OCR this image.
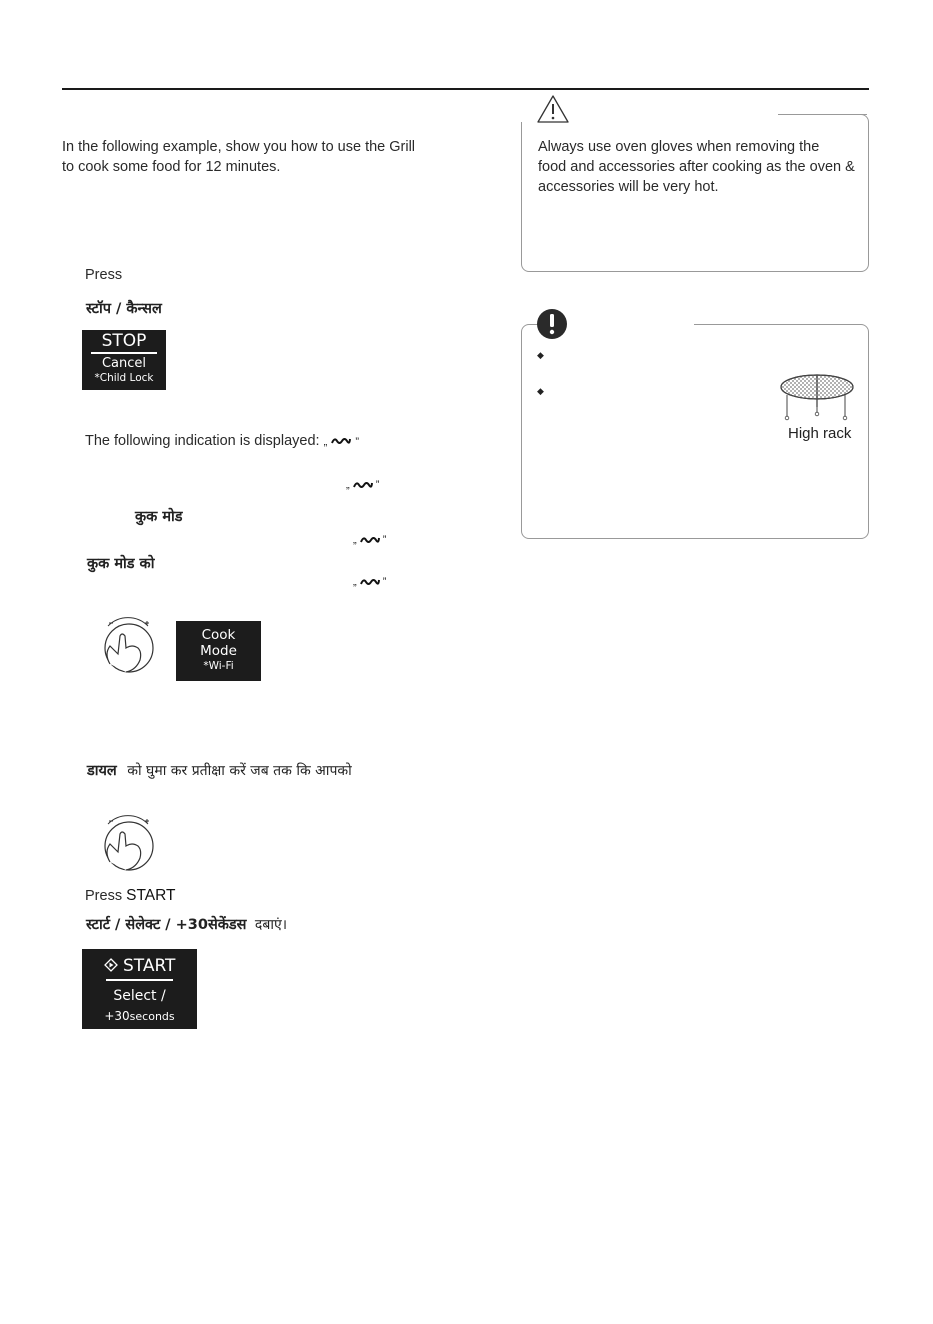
In the following example, show you how to use the Grill
to cook some food for 12 minutes.
Press
स्टॉप / कैन्सल
STOP
Cancel
*Child Lock
The following indication is displayed: „	”
„ ”
कुक मोड
„ ”
कुक मोड को
„ ”
Cook
Mode
*Wi-Fi
डायल को घुमा कर प्रतीक्षा करें जब तक कि आपको
Press START
स्टार्ट / सेलेक्ट / +30सेकेंडस दबाएं।
START
Select /
+30seconds
Always use oven gloves when removing the
food and accessories after cooking as the oven &
accessories will be very hot.
◆
◆
High rack
